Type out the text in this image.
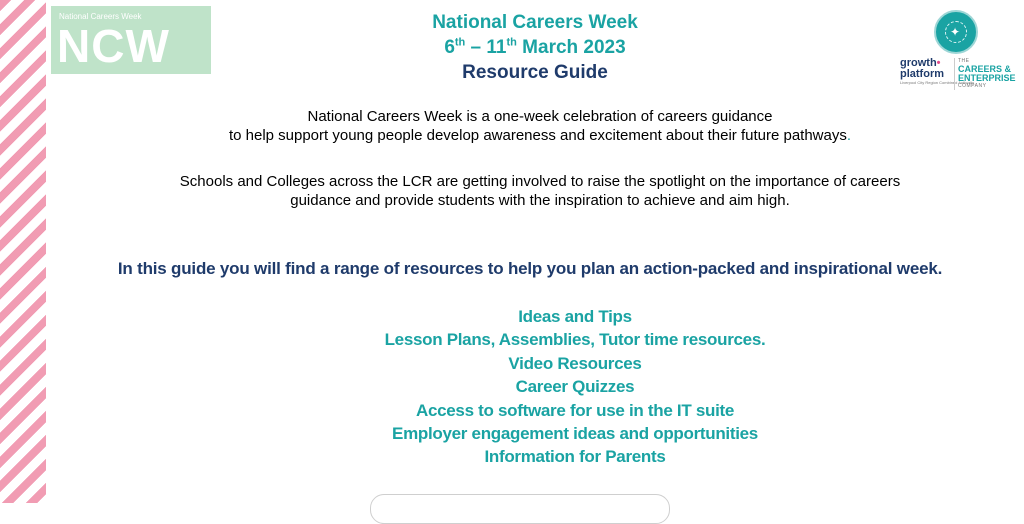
National Careers Week
NCW	National Careers Week
6th – 11th March 2023
Resource Guide
✦
growth•
platform
Liverpool City Region Combined Authority
THE
CAREERS &
ENTERPRISE
COMPANY
National Careers Week is a one-week celebration of careers guidance
to help support young people develop awareness and excitement about their future pathways.
Schools and Colleges across the LCR are getting involved to raise the spotlight on the importance of careers
guidance and provide students with the inspiration to achieve and aim high.
In this guide you will find a range of resources to help you plan an action-packed and inspirational week.
Ideas and Tips
Lesson Plans, Assemblies, Tutor time resources.
Video Resources
Career Quizzes
Access to software for use in the IT suite
Employer engagement ideas and opportunities
Information for Parents
